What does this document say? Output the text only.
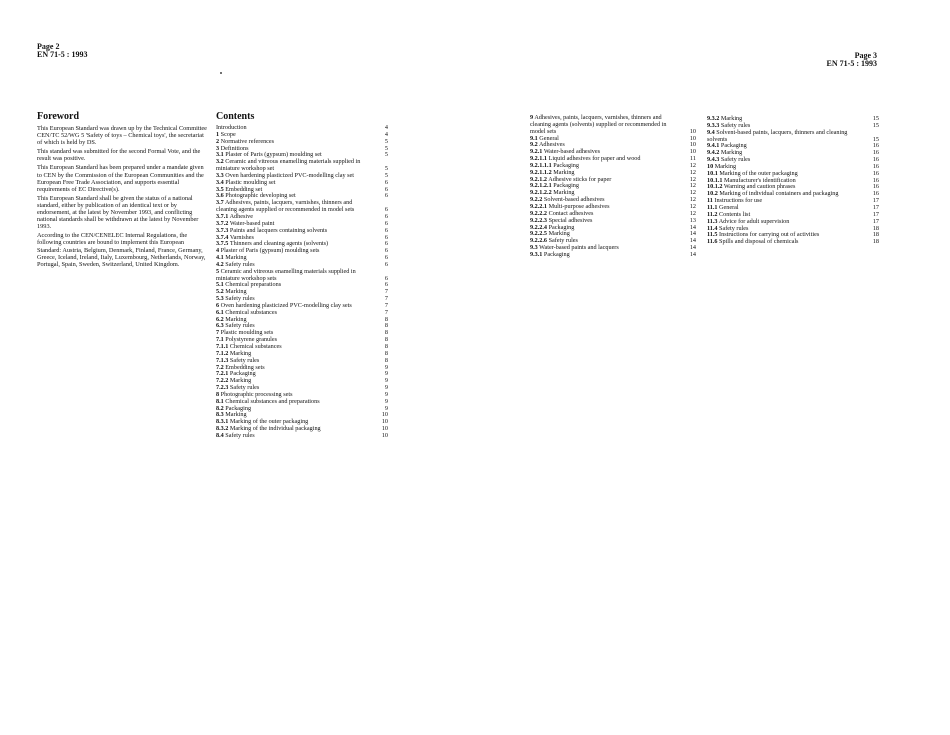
Page 2
EN 71-5 : 1993	Page 3
EN 71-5 : 1993
Foreword

This European Standard was drawn up by the Technical Committee CEN/TC 52/WG 5 'Safety of toys – Chemical toys', the secretariat of which is held by DS.

This standard was submitted for the second Formal Vote, and the result was positive.

This European Standard has been prepared under a mandate given to CEN by the Commission of the European Communities and the European Free Trade Association, and supports essential requirements of EC Directive(s).

This European Standard shall be given the status of a national standard, either by publication of an identical text or by endorsement, at the latest by November 1993, and conflicting national standards shall be withdrawn at the latest by November 1993.

According to the CEN/CENELEC Internal Regulations, the following countries are bound to implement this European Standard: Austria, Belgium, Denmark, Finland, France, Germany, Greece, Iceland, Ireland, Italy, Luxembourg, Netherlands, Norway, Portugal, Spain, Sweden, Switzerland, United Kingdom.

Contents
Introduction	4
1 Scope	4
2 Normative references	5
3 Definitions	5
3.1 Plaster of Paris (gypsum) moulding set	5
3.2 Ceramic and vitreous enamelling materials supplied in miniature workshop set	5
3.3 Oven hardening plasticized PVC-modelling clay set	5
3.4 Plastic moulding set	6
3.5 Embedding set	6
3.6 Photographic developing set	6
3.7 Adhesives, paints, lacquers, varnishes, thinners and cleaning agents supplied or recommended in model sets	6
3.7.1 Adhesive	6
3.7.2 Water-based paint	6
3.7.3 Paints and lacquers containing solvents	6
3.7.4 Varnishes	6
3.7.5 Thinners and cleaning agents (solvents)	6
4 Plaster of Paris (gypsum) moulding sets	6
4.1 Marking	6
4.2 Safety rules	6
5 Ceramic and vitreous enamelling materials supplied in miniature workshop sets	6
5.1 Chemical preparations	6
5.2 Marking	7
5.3 Safety rules	7
6 Oven hardening plasticized PVC-modelling clay sets	7
6.1 Chemical substances	7
6.2 Marking	8
6.3 Safety rules	8
7 Plastic moulding sets	8
7.1 Polystyrene granules	8
7.1.1 Chemical substances	8
7.1.2 Marking	8
7.1.3 Safety rules	8
7.2 Embedding sets	9
7.2.1 Packaging	9
7.2.2 Marking	9
7.2.3 Safety rules	9
8 Photographic processing sets	9
8.1 Chemical substances and preparations	9
8.2 Packaging	9
8.3 Marking	10
8.3.1 Marking of the outer packaging	10
8.3.2 Marking of the individual packaging	10
8.4 Safety rules	10
9 Adhesives, paints, lacquers, varnishes, thinners and cleaning agents (solvents) supplied or recommended in model sets	10
9.1 General	10
9.2 Adhesives	10
9.2.1 Water-based adhesives	10
9.2.1.1 Liquid adhesives for paper and wood	11
9.2.1.1.1 Packaging	12
9.2.1.1.2 Marking	12
9.2.1.2 Adhesive sticks for paper	12
9.2.1.2.1 Packaging	12
9.2.1.2.2 Marking	12
9.2.2 Solvent-based adhesives	12
9.2.2.1 Multi-purpose adhesives	12
9.2.2.2 Contact adhesives	12
9.2.2.3 Special adhesives	13
9.2.2.4 Packaging	14
9.2.2.5 Marking	14
9.2.2.6 Safety rules	14
9.3 Water-based paints and lacquers	14
9.3.1 Packaging	14
9.3.2 Marking	15
9.3.3 Safety rules	15
9.4 Solvent-based paints, lacquers, thinners and cleaning solvents	15
9.4.1 Packaging	16
9.4.2 Marking	16
9.4.3 Safety rules	16
10 Marking	16
10.1 Marking of the outer packaging	16
10.1.1 Manufacturer's identification	16
10.1.2 Warning and caution phrases	16
10.2 Marking of individual containers and packaging	16
11 Instructions for use	17
11.1 General	17
11.2 Contents list	17
11.3 Advice for adult supervision	17
11.4 Safety rules	18
11.5 Instructions for carrying out of activities	18
11.6 Spills and disposal of chemicals	18
